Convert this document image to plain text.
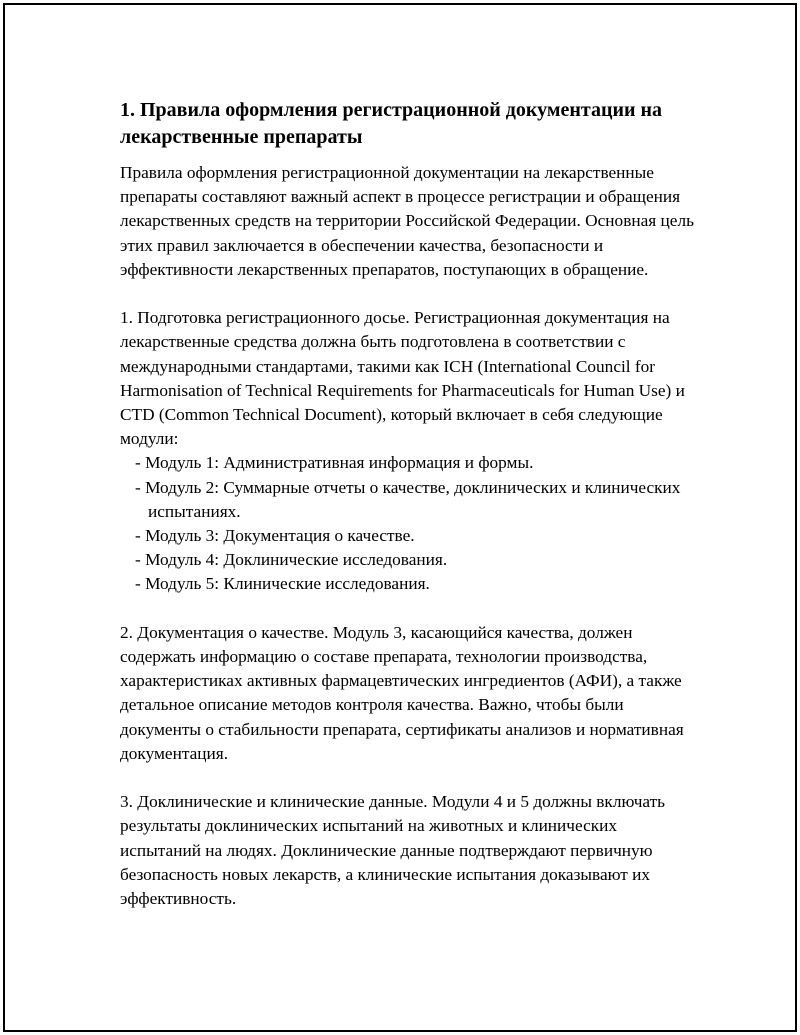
1. Правила оформления регистрационной документации на лекарственные препараты

Правила оформления регистрационной документации на лекарственные препараты составляют важный аспект в процессе регистрации и обращения лекарственных средств на территории Российской Федерации. Основная цель этих правил заключается в обеспечении качества, безопасности и эффективности лекарственных препаратов, поступающих в обращение.

1. Подготовка регистрационного досье. Регистрационная документация на лекарственные средства должна быть подготовлена в соответствии с международными стандартами, такими как ICH (International Council for Harmonisation of Technical Requirements for Pharmaceuticals for Human Use) и CTD (Common Technical Document), который включает в себя следующие модули:

- Модуль 1: Административная информация и формы.

- Модуль 2: Суммарные отчеты о качестве, доклинических и клинических испытаниях.

- Модуль 3: Документация о качестве.

- Модуль 4: Доклинические исследования.

- Модуль 5: Клинические исследования.

2. Документация о качестве. Модуль 3, касающийся качества, должен содержать информацию о составе препарата, технологии производства, характеристиках активных фармацевтических ингредиентов (АФИ), а также детальное описание методов контроля качества. Важно, чтобы были документы о стабильности препарата, сертификаты анализов и нормативная документация.

3. Доклинические и клинические данные. Модули 4 и 5 должны включать результаты доклинических испытаний на животных и клинических испытаний на людях. Доклинические данные подтверждают первичную безопасность новых лекарств, а клинические испытания доказывают их эффективность.
